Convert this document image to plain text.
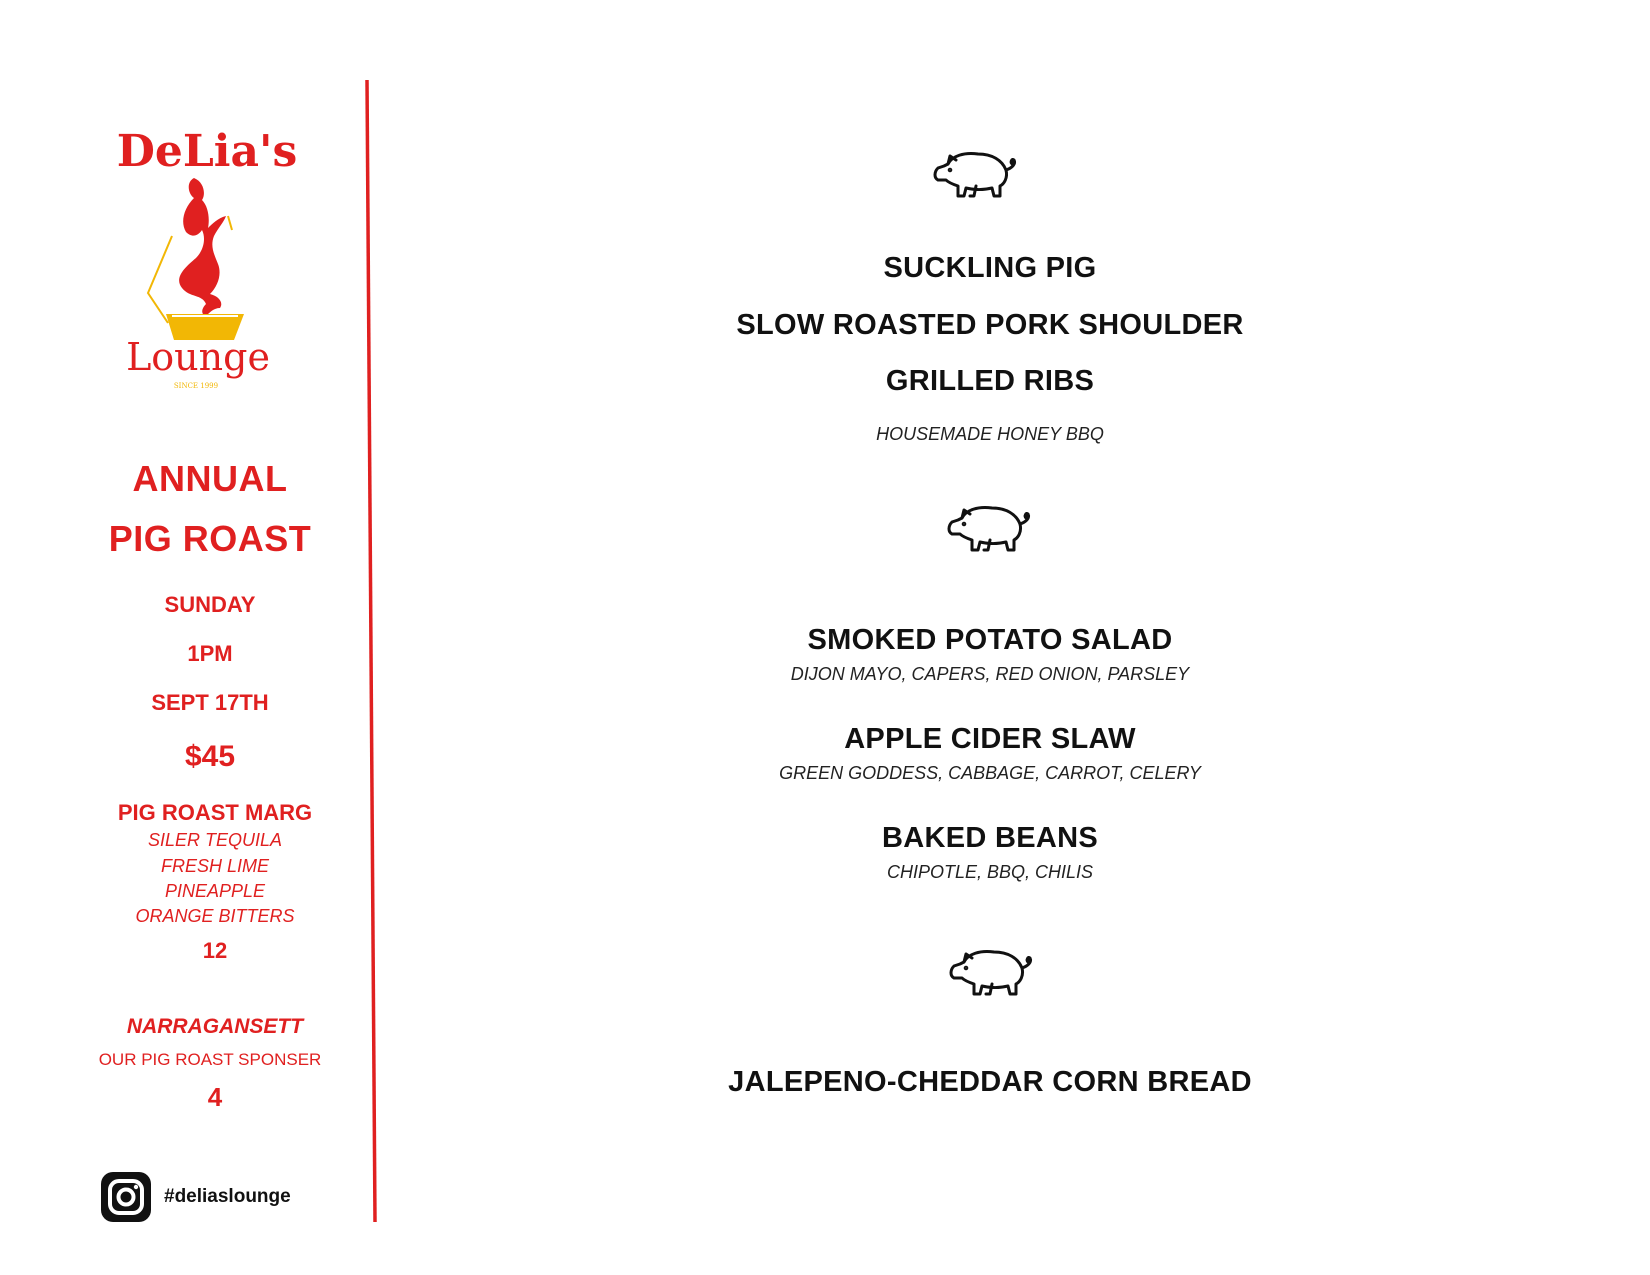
DeLia's
Lounge
SINCE 1999
ANNUAL
PIG ROAST
SUNDAY
1PM
SEPT 17TH
$45
PIG ROAST MARG
SILER TEQUILA
FRESH LIME
PINEAPPLE
ORANGE BITTERS
12
NARRAGANSETT
OUR PIG ROAST SPONSER
4
#deliaslounge
SUCKLING PIG
SLOW ROASTED PORK SHOULDER
GRILLED RIBS
HOUSEMADE HONEY BBQ
SMOKED POTATO SALAD
DIJON MAYO, CAPERS, RED ONION, PARSLEY
APPLE CIDER SLAW
GREEN GODDESS, CABBAGE, CARROT, CELERY
BAKED BEANS
CHIPOTLE, BBQ, CHILIS
JALEPENO-CHEDDAR CORN BREAD
